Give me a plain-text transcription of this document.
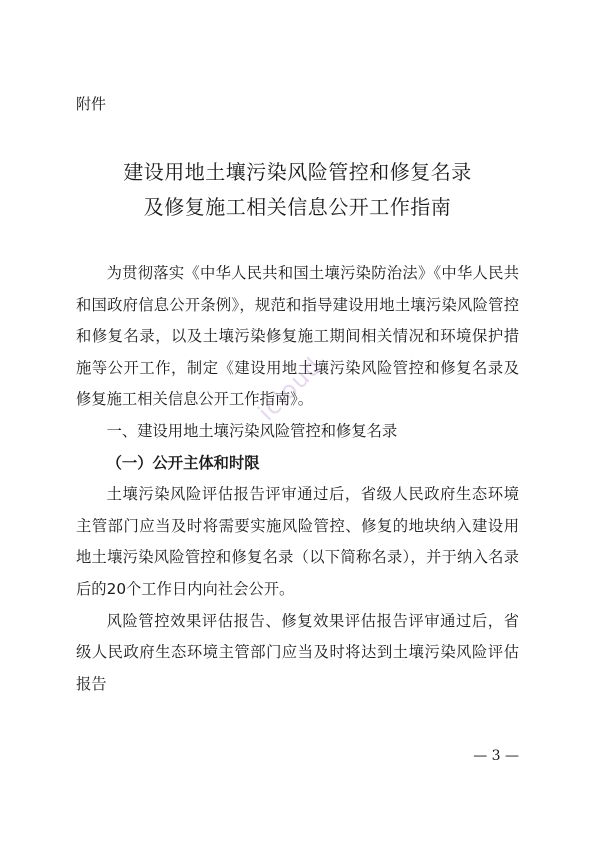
icloud
附件
建设用地土壤污染风险管控和修复名录
及修复施工相关信息公开工作指南

为贯彻落实《中华人民共和国土壤污染防治法》《中华人民共和国政府信息公开条例》，规范和指导建设用地土壤污染风险管控和修复名录，以及土壤污染修复施工期间相关情况和环境保护措施等公开工作，制定《建设用地土壤污染风险管控和修复名录及修复施工相关信息公开工作指南》。

一、建设用地土壤污染风险管控和修复名录

（一）公开主体和时限

土壤污染风险评估报告评审通过后，省级人民政府生态环境主管部门应当及时将需要实施风险管控、修复的地块纳入建设用地土壤污染风险管控和修复名录（以下简称名录），并于纳入名录后的20个工作日内向社会公开。

风险管控效果评估报告、修复效果评估报告评审通过后，省级人民政府生态环境主管部门应当及时将达到土壤污染风险评估报告

— 3 —
